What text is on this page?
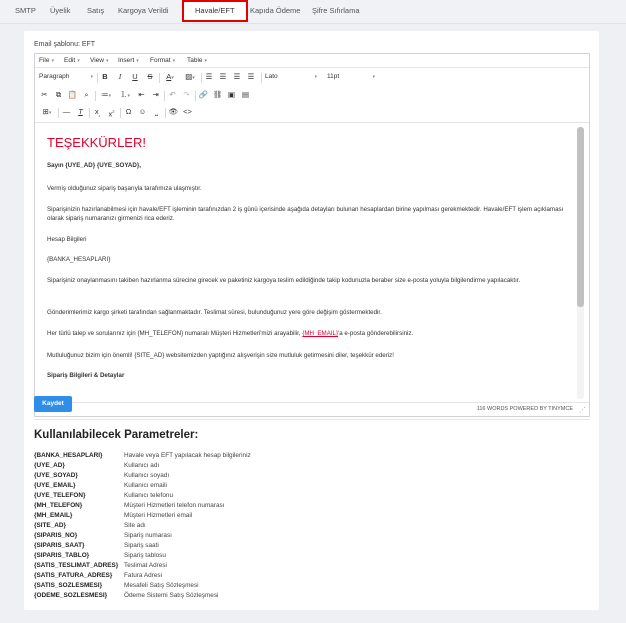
SMTP Üyelik Satış Kargoya Verildi	Havale/EFT	Kapıda Ödeme Şifre Sıfırlama
Email şablonu: EFT
File ▾ Edit ▾ View ▾ Insert ▾ Format ▾ Table ▾
Paragraph	▾	B	I	U	S	A▾	▨▾	☰ ☰ ☰ ☰	Lato	▾ 11pt	▾
✂	⧉ 📋 ⌕	≔▾	⒈▾	⇤	⇥	↶	↷	🔗 ⛓ ▣ ▤
⊞▾	—	T	$x_{_2}$	$x^2$	Ω ☺	⎵	👁 <>
TEŞEKKÜRLER!
Sayın {UYE_AD} {UYE_SOYAD},
Vermiş olduğunuz sipariş başarıyla tarafımıza ulaşmıştır.
Siparişinizin hazırlanabilmesi için havale/EFT işleminin tarafınızdan 2 iş günü içerisinde aşağıda detayları bulunan hesaplardan birine yapılması gerekmektedir. Havale/EFT işlem açıklaması olarak sipariş numaranızı girmenizi rica ederiz.
Hesap Bilgileri
{BANKA_HESAPLARI}
Siparişiniz onaylanmasını takiben hazırlanma sürecine girecek ve paketiniz kargoya teslim edildiğinde takip kodunuzla beraber size e-posta yoluyla bilgilendirme yapılacaktır.
Gönderimlerimiz kargo şirketi tarafından sağlanmaktadır. Teslimat süresi, bulunduğunuz yere göre değişim göstermektedir.
Her türlü talep ve sorularınız için {MH_TELEFON} numaralı Müşteri Hizmetleri'mizi arayabilir, {MH_EMAIL}'a e-posta gönderebilirsiniz.
Mutluluğunuz bizim için önemli! {SITE_AD} websitemizden yaptığınız alışverişin size mutluluk getirmesini diler, teşekkür ederiz!
Sipariş Bilgileri & Detaylar
116 WORDS POWERED BY TINYMCE ⋰
Kaydet
Kullanılabilecek Parametreler:
{BANKA_HESAPLARI}	Havale veya EFT yapılacak hesap bilgileriniz
{UYE_AD}	Kullanıcı adı
{UYE_SOYAD}	Kullanıcı soyadı
{UYE_EMAIL}	Kullanıcı emaili
{UYE_TELEFON}	Kullanıcı telefonu
{MH_TELEFON}	Müşteri Hizmetleri telefon numarası
{MH_EMAIL}	Müşteri Hizmetleri email
{SITE_AD}	Site adı
{SIPARIS_NO}	Sipariş numarası
{SIPARIS_SAAT}	Sipariş saati
{SIPARIS_TABLO}	Sipariş tablosu
{SATIS_TESLIMAT_ADRES} Teslimat Adresi
{SATIS_FATURA_ADRES} Fatura Adresi
{SATIS_SOZLESMESI}	Mesafeli Satış Sözleşmesi
{ODEME_SOZLESMESI}	Ödeme Sistemi Satış Sözleşmesi
